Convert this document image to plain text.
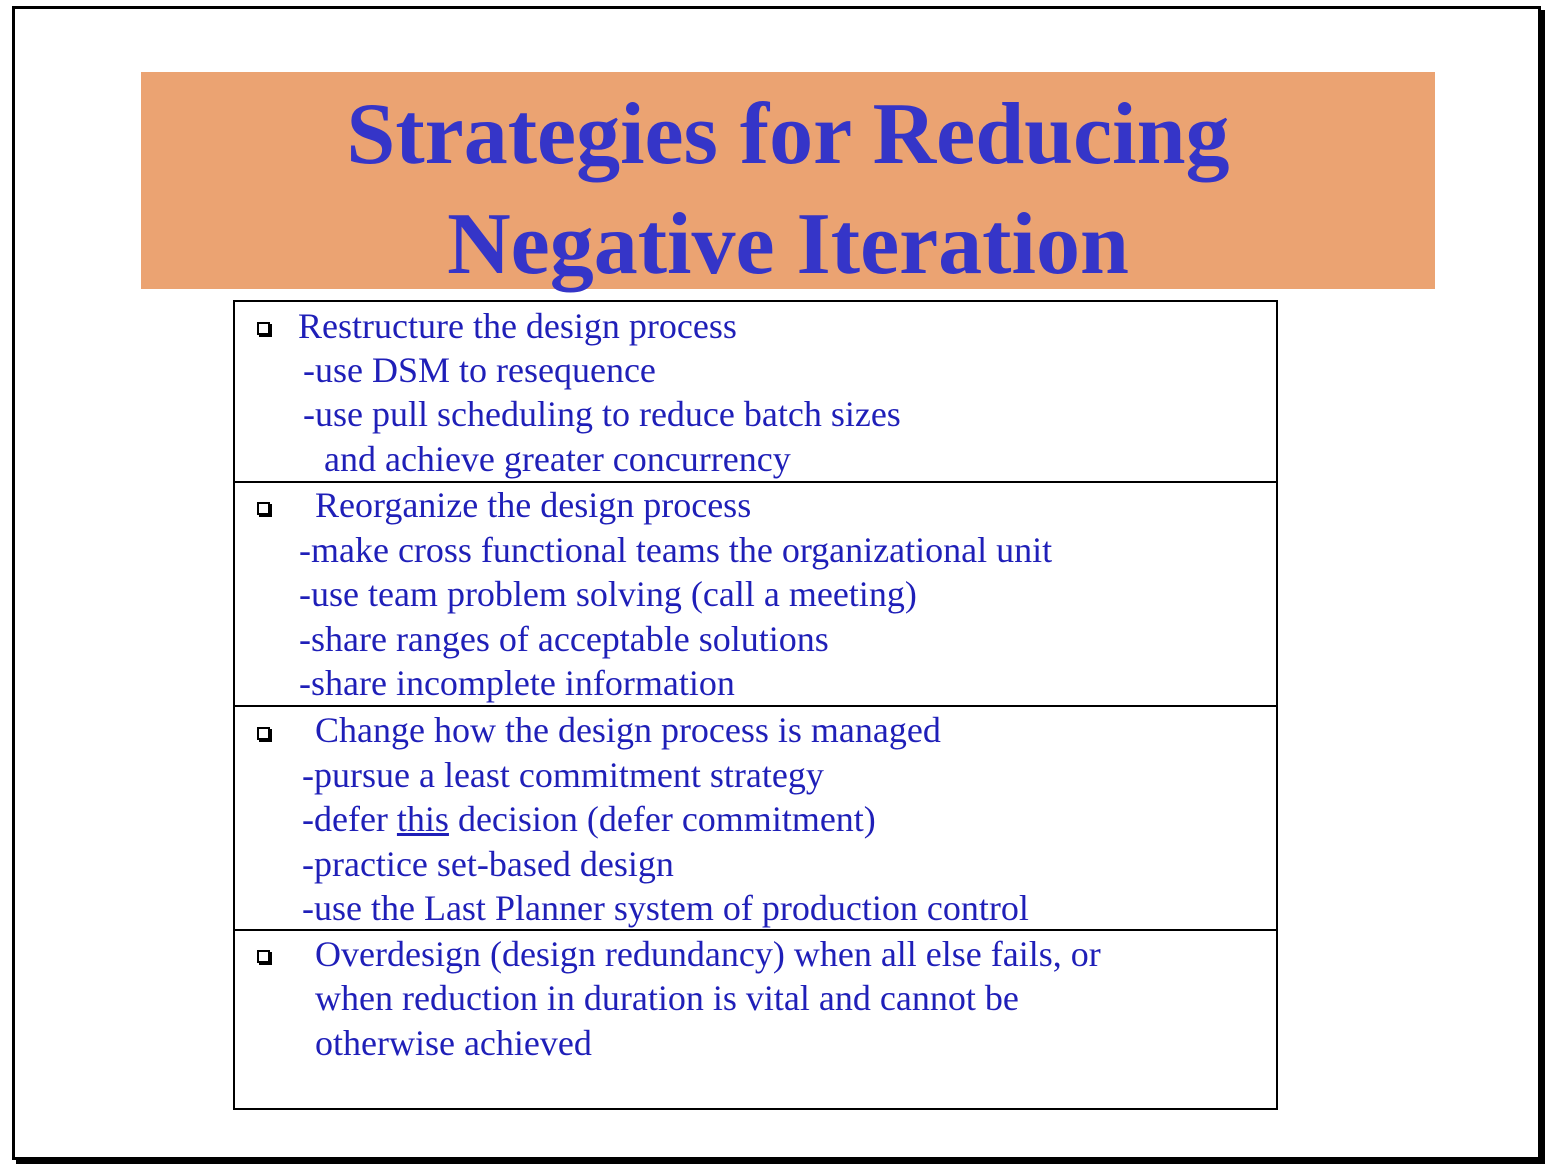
Strategies for Reducing
Negative Iteration
Restructure the design process
-use DSM to resequence
-use pull scheduling to reduce batch sizes
and achieve greater concurrency
Reorganize the design process
-make cross functional teams the organizational unit
-use team problem solving (call a meeting)
-share ranges of acceptable solutions
-share incomplete information
Change how the design process is managed
-pursue a least commitment strategy
-defer this decision (defer commitment)
-practice set-based design
-use the Last Planner system of production control
Overdesign (design redundancy) when all else fails, or
when reduction in duration is vital and cannot be
otherwise achieved
